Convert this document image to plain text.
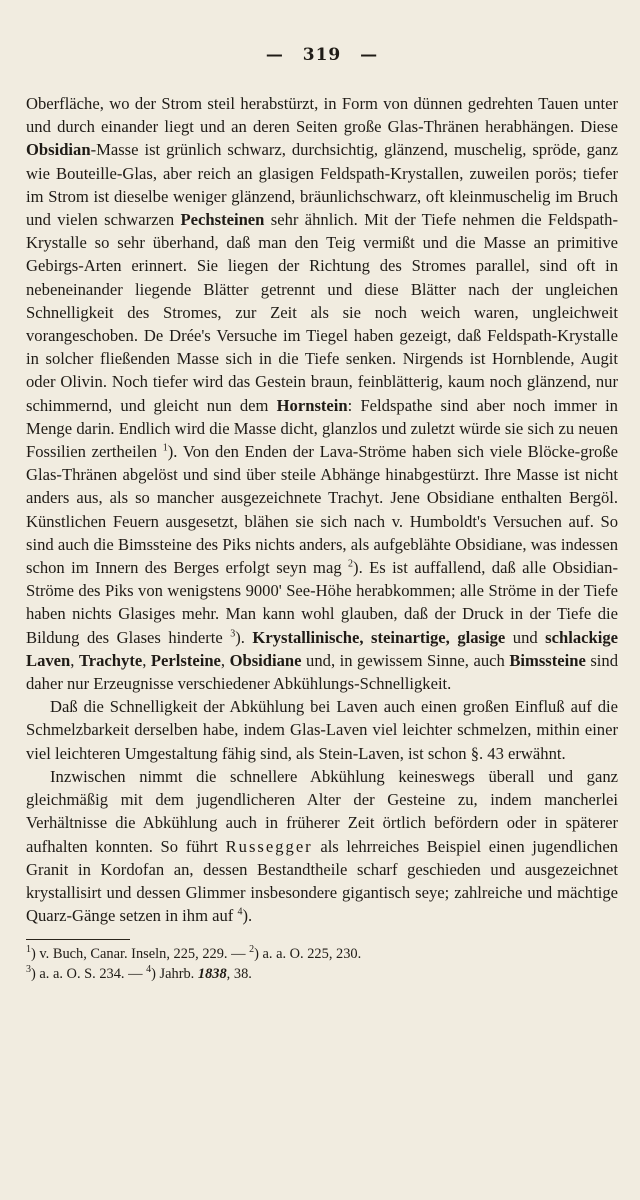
— 319 —

Oberfläche, wo der Strom steil herabstürzt, in Form von dünnen gedrehten Tauen unter und durch einander liegt und an deren Seiten große Glas-Thränen herabhängen. Diese Obsidian-Masse ist grünlich schwarz, durchsichtig, glänzend, muschelig, spröde, ganz wie Bouteille-Glas, aber reich an glasigen Feldspath-Krystallen, zuweilen porös; tiefer im Strom ist dieselbe weniger glänzend, bräunlichschwarz, oft kleinmuschelig im Bruch und vielen schwarzen Pechsteinen sehr ähnlich. Mit der Tiefe nehmen die Feldspath-Krystalle so sehr überhand, daß man den Teig vermißt und die Masse an primitive Gebirgs-Arten erinnert. Sie liegen der Richtung des Stromes parallel, sind oft in nebeneinander liegende Blätter getrennt und diese Blätter nach der ungleichen Schnelligkeit des Stromes, zur Zeit als sie noch weich waren, ungleichweit vorangeschoben. De Drée's Versuche im Tiegel haben gezeigt, daß Feldspath-Krystalle in solcher fließenden Masse sich in die Tiefe senken. Nirgends ist Hornblende, Augit oder Olivin. Noch tiefer wird das Gestein braun, feinblätterig, kaum noch glänzend, nur schimmernd, und gleicht nun dem Hornstein: Feldspathe sind aber noch immer in Menge darin. Endlich wird die Masse dicht, glanzlos und zuletzt würde sie sich zu neuen Fossilien zertheilen $^1$). Von den Enden der Lava-Ströme haben sich viele Blöcke-große Glas-Thränen abgelöst und sind über steile Abhänge hinabgestürzt. Ihre Masse ist nicht anders aus, als so mancher ausgezeichnete Trachyt. Jene Obsidiane enthalten Bergöl. Künstlichen Feuern ausgesetzt, blähen sie sich nach v. Humboldt's Versuchen auf. So sind auch die Bimssteine des Piks nichts anders, als aufgeblähte Obsidiane, was indessen schon im Innern des Berges erfolgt seyn mag $^2$). Es ist auffallend, daß alle Obsidian-Ströme des Piks von wenigstens 9000' See-Höhe herabkommen; alle Ströme in der Tiefe haben nichts Glasiges mehr. Man kann wohl glauben, daß der Druck in der Tiefe die Bildung des Glases hinderte $^3$). Krystallinische, steinartige, glasige und schlackige Laven, Trachyte, Perlsteine, Obsidiane und, in gewissem Sinne, auch Bimssteine sind daher nur Erzeugnisse verschiedener Abkühlungs-Schnelligkeit.

Daß die Schnelligkeit der Abkühlung bei Laven auch einen großen Einfluß auf die Schmelzbarkeit derselben habe, indem Glas-Laven viel leichter schmelzen, mithin einer viel leichteren Umgestaltung fähig sind, als Stein-Laven, ist schon §. 43 erwähnt.

Inzwischen nimmt die schnellere Abkühlung keineswegs überall und ganz gleichmäßig mit dem jugendlicheren Alter der Gesteine zu, indem mancherlei Verhältnisse die Abkühlung auch in früherer Zeit örtlich befördern oder in späterer aufhalten konnten. So führt Russegger als lehrreiches Beispiel einen jugendlichen Granit in Kordofan an, dessen Bestandtheile scharf geschieden und ausgezeichnet krystallisirt und dessen Glimmer insbesondere gigantisch seye; zahlreiche und mächtige Quarz-Gänge setzen in ihm auf $^4$).

$^1$) v. Buch, Canar. Inseln, 225, 229. — $^2$) a. a. O. 225, 230.
$^3$) a. a. O. S. 234. — $^4$) Jahrb. 1838, 38.
